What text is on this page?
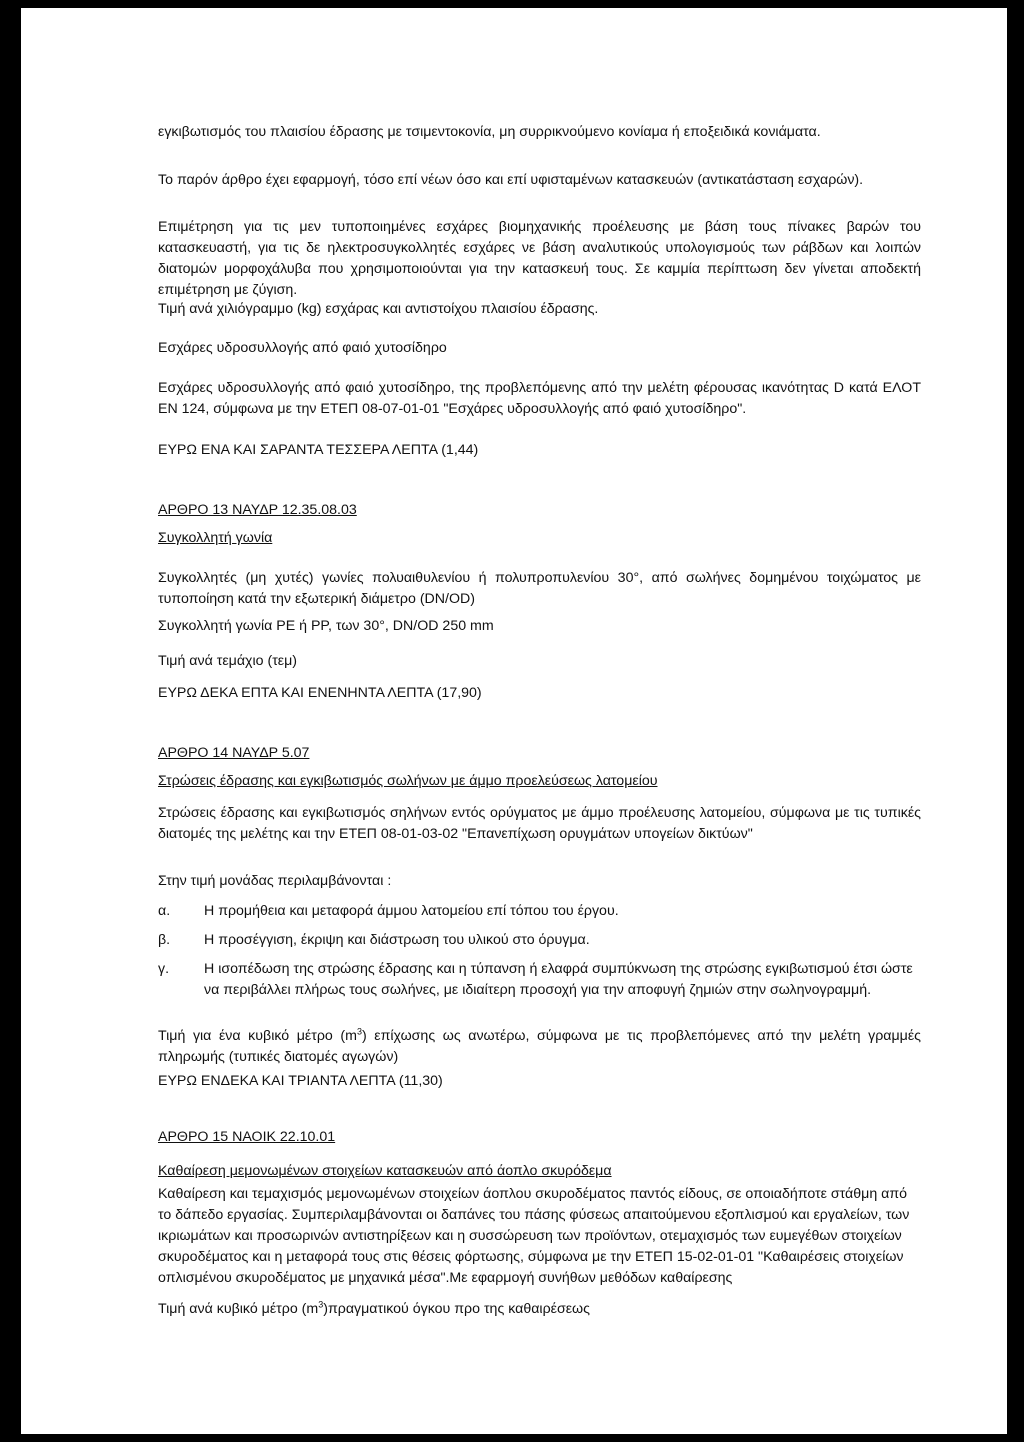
εγκιβωτισμός του πλαισίου έδρασης με τσιμεντοκονία, μη συρρικνούμενο κονίαμα ή εποξειδικά κονιάματα.

Το παρόν άρθρο έχει εφαρμογή, τόσο επί νέων όσο και επί υφισταμένων κατασκευών (αντικατάσταση εσχαρών).

Επιμέτρηση για τις μεν τυποποιημένες εσχάρες βιομηχανικής προέλευσης με βάση τους πίνακες βαρών του κατασκευαστή, για τις δε ηλεκτροσυγκολλητές εσχάρες νε βάση αναλυτικούς υπολογισμούς των ράβδων και λοιπών διατομών μορφοχάλυβα που χρησιμοποιούνται για την κατασκευή τους. Σε καμμία περίπτωση δεν γίνεται αποδεκτή επιμέτρηση με ζύγιση.

Τιμή ανά χιλιόγραμμο (kg) εσχάρας και αντιστοίχου πλαισίου έδρασης.

Εσχάρες υδροσυλλογής από φαιό χυτοσίδηρο

Εσχάρες υδροσυλλογής από φαιό χυτοσίδηρο, της προβλεπόμενης από την μελέτη φέρουσας ικανότητας D κατά ΕΛΟΤ ΕΝ 124, σύμφωνα με την ΕΤΕΠ 08-07-01-01 "Εσχάρες υδροσυλλογής από φαιό χυτοσίδηρο".

ΕΥΡΩ ΕΝΑ ΚΑΙ ΣΑΡΑΝΤΑ ΤΕΣΣΕΡΑ ΛΕΠΤΑ (1,44)

ΑΡΘΡΟ 13 ΝΑΥΔΡ 12.35.08.03

Συγκολλητή γωνία

Συγκολλητές (μη χυτές) γωνίες πολυαιθυλενίου ή πολυπροπυλενίου 30°, από σωλήνες δομημένου τοιχώματος με τυποποίηση κατά την εξωτερική διάμετρο (DN/OD)

Συγκολλητή γωνία PE ή PP, των 30°, DN/OD 250 mm

Τιμή ανά τεμάχιο (τεμ)

ΕΥΡΩ ΔΕΚΑ ΕΠΤΑ ΚΑΙ ΕΝΕΝΗΝΤΑ ΛΕΠΤΑ (17,90)

ΑΡΘΡΟ 14 ΝΑΥΔΡ 5.07

Στρώσεις έδρασης και εγκιβωτισμός σωλήνων με άμμο προελεύσεως λατομείου

Στρώσεις έδρασης και εγκιβωτισμός σηλήνων εντός ορύγματος με άμμο προέλευσης λατομείου, σύμφωνα με τις τυπικές διατομές της μελέτης και την ΕΤΕΠ 08-01-03-02 "Επανεπίχωση ορυγμάτων υπογείων δικτύων"

Στην τιμή μονάδας περιλαμβάνονται :

α.	Η προμήθεια και μεταφορά άμμου λατομείου επί τόπου του έργου.
β.	Η προσέγγιση, έκριψη και διάστρωση του υλικού στο όρυγμα.
γ.	Η ισοπέδωση της στρώσης έδρασης και η τύπανση ή ελαφρά συμπύκνωση της στρώσης εγκιβωτισμού έτσι ώστε να περιβάλλει πλήρως τους σωλήνες, με ιδιαίτερη προσοχή για την αποφυγή ζημιών στην σωληνογραμμή.

Τιμή για ένα κυβικό μέτρο $(m^3)$ επίχωσης ως ανωτέρω, σύμφωνα με τις προβλεπόμενες από την μελέτη γραμμές πληρωμής (τυπικές διατομές αγωγών)

ΕΥΡΩ ΕΝΔΕΚΑ ΚΑΙ ΤΡΙΑΝΤΑ ΛΕΠΤΑ (11,30)

ΑΡΘΡΟ 15 ΝΑΟΙΚ 22.10.01

Καθαίρεση μεμονωμένων στοιχείων κατασκευών από άοπλο σκυρόδεμα

Καθαίρεση και τεμαχισμός μεμονωμένων στοιχείων άοπλου σκυροδέματος παντός είδους, σε οποιαδήποτε στάθμη από το δάπεδο εργασίας. Συμπεριλαμβάνονται οι δαπάνες του πάσης φύσεως απαιτούμενου εξοπλισμού και εργαλείων, των ικριωμάτων και προσωρινών αντιστηρίξεων και η συσσώρευση των προϊόντων, οτεμαχισμός των ευμεγέθων στοιχείων σκυροδέματος και η μεταφορά τους στις θέσεις φόρτωσης, σύμφωνα με την ΕΤΕΠ 15-02-01-01 "Καθαιρέσεις στοιχείων οπλισμένου σκυροδέματος με μηχανικά μέσα".Με εφαρμογή συνήθων μεθόδων καθαίρεσης

Τιμή ανά κυβικό μέτρο $(m^3)\pi\rho\alpha\gamma\mu\alpha\tau\iota\kappa oύ$ όγκου προ της καθαιρέσεως
